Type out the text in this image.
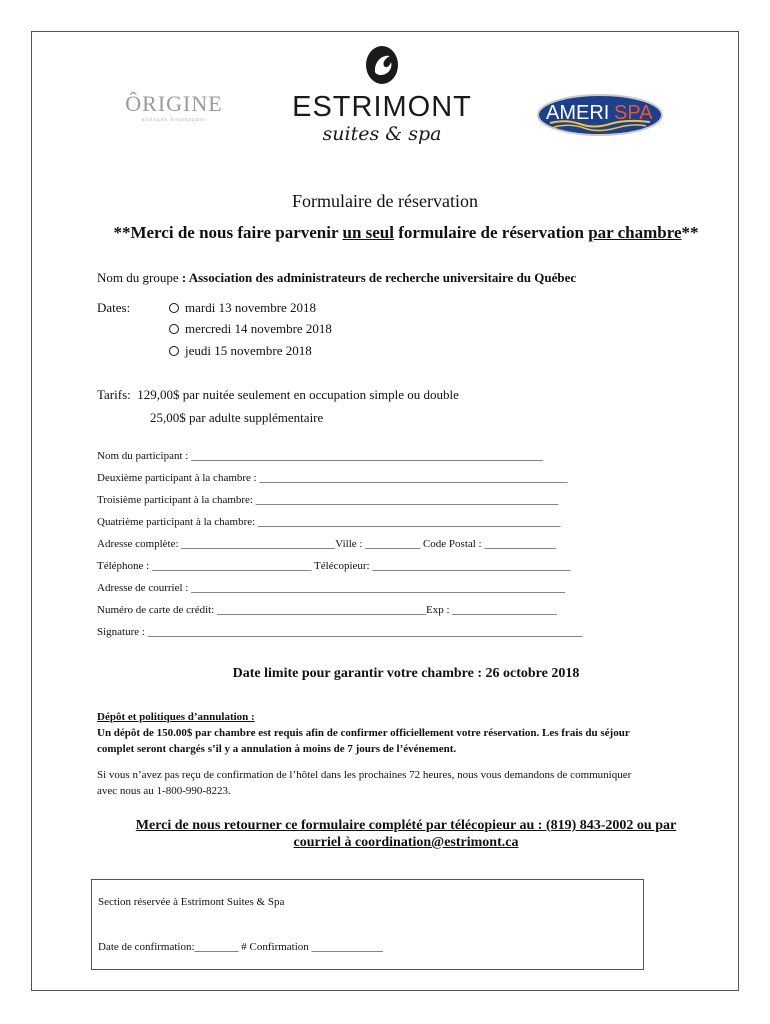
ÔRIGINE
artisans botaniques	ESTRIMONT
suites & spa
AMERI SPA
Formulaire de réservation
**Merci de nous faire parvenir un seul formulaire de réservation par chambre**
Nom du groupe : Association des administrateurs de recherche universitaire du Québec
Dates:	mardi 13 novembre 2018
mercredi 14 novembre 2018
jeudi 15 novembre 2018
Tarifs: 129,00$ par nuitée seulement en occupation simple ou double
25,00$ par adulte supplémentaire
Nom du participant : ________________________________________________________________
Deuxième participant à la chambre : ________________________________________________________
Troisième participant à la chambre: _______________________________________________________
Quatrième participant à la chambre: _______________________________________________________
Adresse complète: ____________________________Ville : __________ Code Postal : _____________
Téléphone : _____________________________ Télécopieur: ____________________________________
Adresse de courriel : ____________________________________________________________________
Numéro de carte de crédit: ______________________________________Exp : ___________________
Signature : _______________________________________________________________________________
Date limite pour garantir votre chambre : 26 octobre 2018
Dépôt et politiques d’annulation :
Un dépôt de 150.00$ par chambre est requis afin de confirmer officiellement votre réservation. Les frais du séjour
complet seront chargés s’il y a annulation à moins de 7 jours de l’événement.
Si vous n’avez pas reçu de confirmation de l’hôtel dans les prochaines 72 heures, nous vous demandons de communiquer
avec nous au 1-800-990-8223.
Merci de nous retourner ce formulaire complété par télécopieur au : (819) 843-2002 ou par
courriel à coordination@estrimont.ca
Section réservée à Estrimont Suites & Spa
Date de confirmation:________ # Confirmation _____________
